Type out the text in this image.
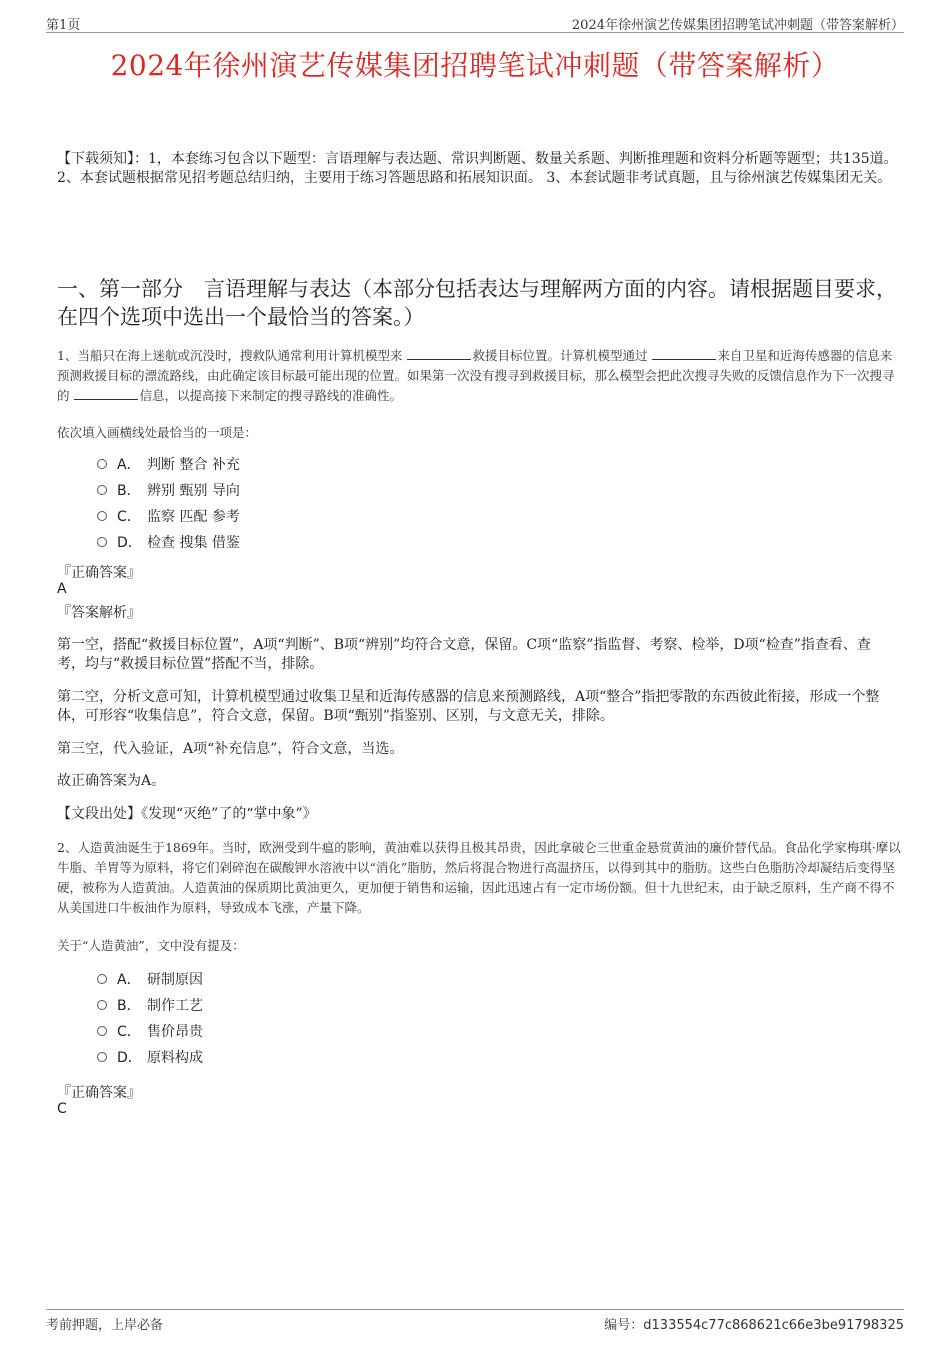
第1页	2024年徐州演艺传媒集团招聘笔试冲刺题（带答案解析）
2024年徐州演艺传媒集团招聘笔试冲刺题（带答案解析）
【下载须知】：1，本套练习包含以下题型：言语理解与表达题、常识判断题、数量关系题、判断推理题和资料分析题等题型；共135道。 2、本套试题根据常见招考题总结归纳，主要用于练习答题思路和拓展知识面。 3、本套试题非考试真题，且与徐州演艺传媒集团无关。
一、第一部分　言语理解与表达（本部分包括表达与理解两方面的内容。请根据题目要求，在四个选项中选出一个最恰当的答案。）
1、当船只在海上迷航或沉没时，搜救队通常利用计算机模型来	救援目标位置。计算机模型通过	来自卫星和近海传感器的信息来预测救援目标的漂流路线，由此确定该目标最可能出现的位置。如果第一次没有搜寻到救援目标，那么模型会把此次搜寻失败的反馈信息作为下一次搜寻的	信息，以提高接下来制定的搜寻路线的准确性。
依次填入画横线处最恰当的一项是：
A． 判断 整合 补充
B． 辨别 甄别 导向
C． 监察 匹配 参考
D． 检查 搜集 借鉴
『正确答案』
A
『答案解析』
第一空，搭配“救援目标位置”，A项“判断”、B项“辨别”均符合文意，保留。C项“监察”指监督、考察、检举，D项“检查”指查看、查考，均与“救援目标位置”搭配不当，排除。
第二空，分析文意可知，计算机模型通过收集卫星和近海传感器的信息来预测路线，A项“整合”指把零散的东西彼此衔接，形成一个整体，可形容“收集信息”，符合文意，保留。B项“甄别”指鉴别、区别，与文意无关，排除。
第三空，代入验证，A项“补充信息”，符合文意，当选。
故正确答案为A。
【文段出处】《发现“灭绝”了的“掌中象”》
2、人造黄油诞生于1869年。当时，欧洲受到牛瘟的影响，黄油难以获得且极其昂贵，因此拿破仑三世重金悬赏黄油的廉价替代品。食品化学家梅琪·摩以牛脂、羊胃等为原料，将它们剁碎泡在碳酸钾水溶液中以“消化”脂肪，然后将混合物进行高温挤压，以得到其中的脂肪。这些白色脂肪冷却凝结后变得坚硬，被称为人造黄油。人造黄油的保质期比黄油更久，更加便于销售和运输，因此迅速占有一定市场份额。但十九世纪末，由于缺乏原料，生产商不得不从美国进口牛板油作为原料，导致成本飞涨，产量下降。
关于“人造黄油”，文中没有提及：
A． 研制原因
B． 制作工艺
C． 售价昂贵
D． 原料构成
『正确答案』
C
考前押题，上岸必备	编号：d133554c77c868621c66e3be91798325
